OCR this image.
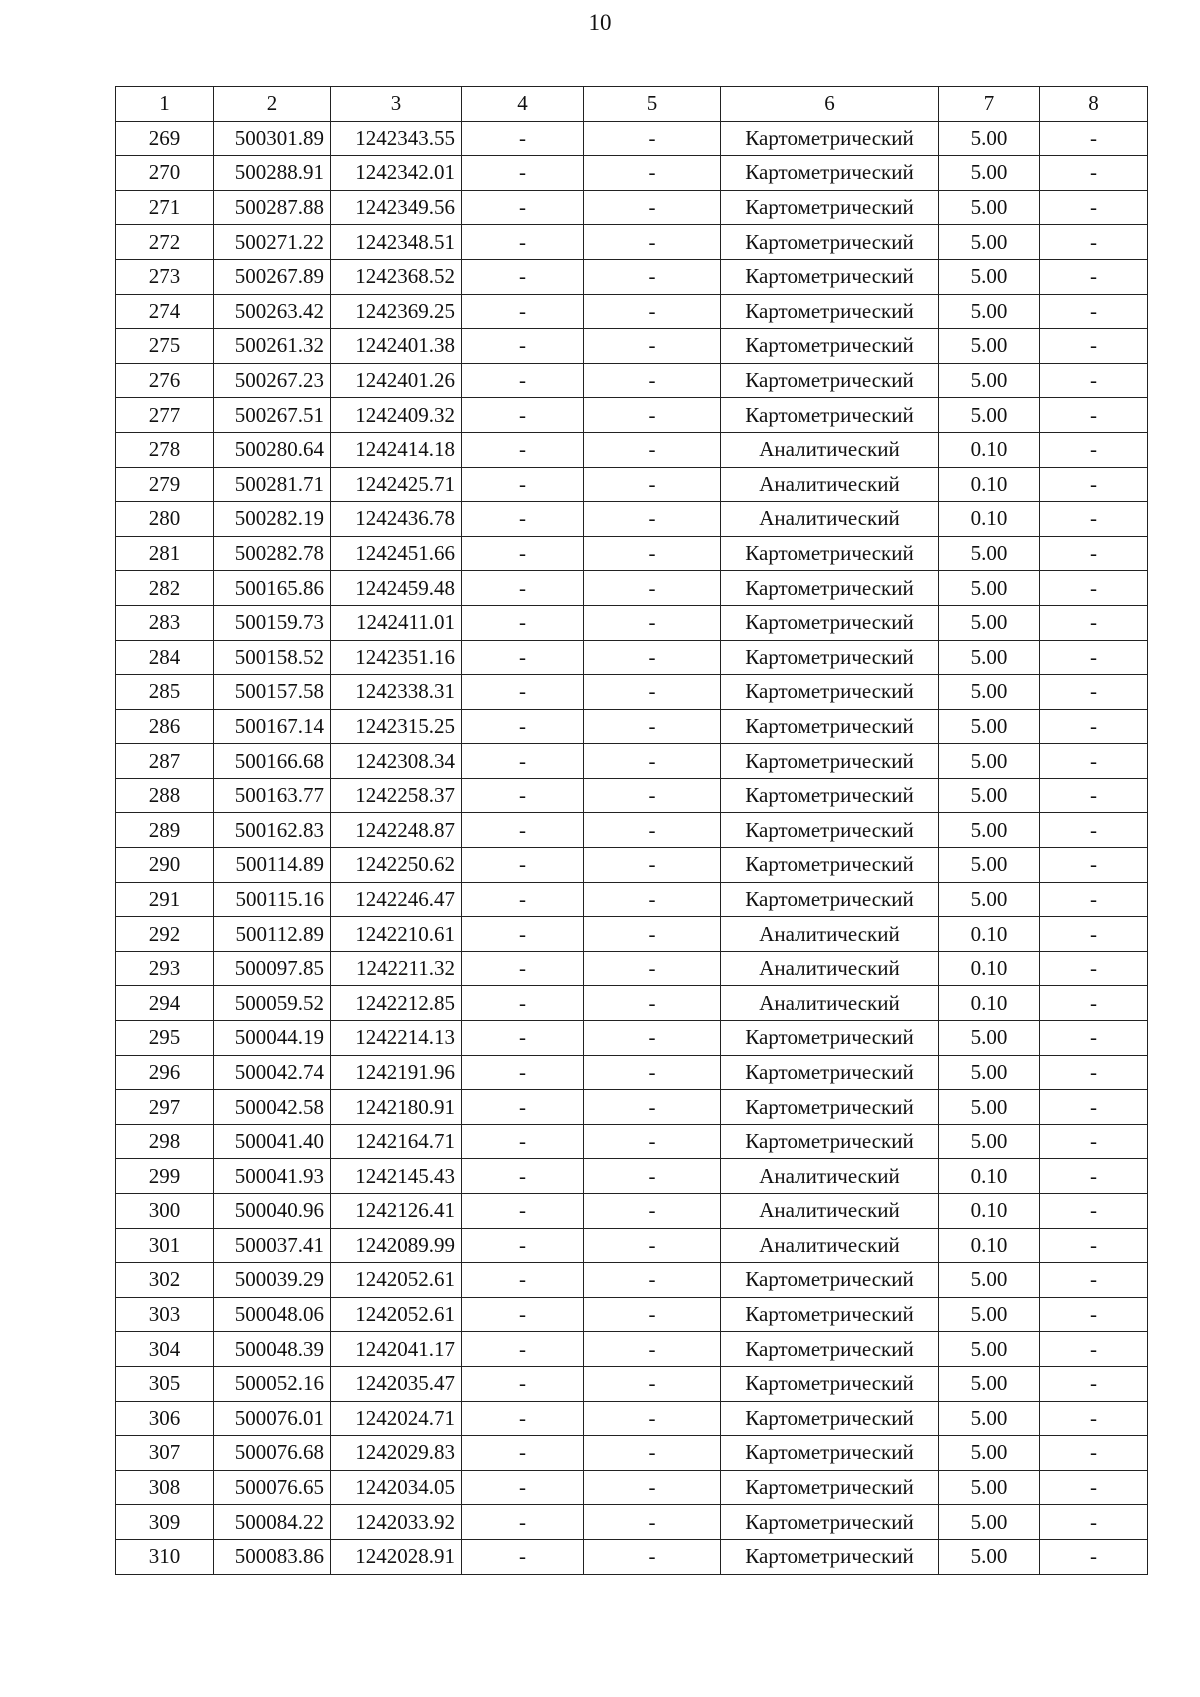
10
1	2	3	4	5	6	7	8
269	500301.89	1242343.55	-	-	Картометрический	5.00	-
270	500288.91	1242342.01	-	-	Картометрический	5.00	-
271	500287.88	1242349.56	-	-	Картометрический	5.00	-
272	500271.22	1242348.51	-	-	Картометрический	5.00	-
273	500267.89	1242368.52	-	-	Картометрический	5.00	-
274	500263.42	1242369.25	-	-	Картометрический	5.00	-
275	500261.32	1242401.38	-	-	Картометрический	5.00	-
276	500267.23	1242401.26	-	-	Картометрический	5.00	-
277	500267.51	1242409.32	-	-	Картометрический	5.00	-
278	500280.64	1242414.18	-	-	Аналитический	0.10	-
279	500281.71	1242425.71	-	-	Аналитический	0.10	-
280	500282.19	1242436.78	-	-	Аналитический	0.10	-
281	500282.78	1242451.66	-	-	Картометрический	5.00	-
282	500165.86	1242459.48	-	-	Картометрический	5.00	-
283	500159.73	1242411.01	-	-	Картометрический	5.00	-
284	500158.52	1242351.16	-	-	Картометрический	5.00	-
285	500157.58	1242338.31	-	-	Картометрический	5.00	-
286	500167.14	1242315.25	-	-	Картометрический	5.00	-
287	500166.68	1242308.34	-	-	Картометрический	5.00	-
288	500163.77	1242258.37	-	-	Картометрический	5.00	-
289	500162.83	1242248.87	-	-	Картометрический	5.00	-
290	500114.89	1242250.62	-	-	Картометрический	5.00	-
291	500115.16	1242246.47	-	-	Картометрический	5.00	-
292	500112.89	1242210.61	-	-	Аналитический	0.10	-
293	500097.85	1242211.32	-	-	Аналитический	0.10	-
294	500059.52	1242212.85	-	-	Аналитический	0.10	-
295	500044.19	1242214.13	-	-	Картометрический	5.00	-
296	500042.74	1242191.96	-	-	Картометрический	5.00	-
297	500042.58	1242180.91	-	-	Картометрический	5.00	-
298	500041.40	1242164.71	-	-	Картометрический	5.00	-
299	500041.93	1242145.43	-	-	Аналитический	0.10	-
300	500040.96	1242126.41	-	-	Аналитический	0.10	-
301	500037.41	1242089.99	-	-	Аналитический	0.10	-
302	500039.29	1242052.61	-	-	Картометрический	5.00	-
303	500048.06	1242052.61	-	-	Картометрический	5.00	-
304	500048.39	1242041.17	-	-	Картометрический	5.00	-
305	500052.16	1242035.47	-	-	Картометрический	5.00	-
306	500076.01	1242024.71	-	-	Картометрический	5.00	-
307	500076.68	1242029.83	-	-	Картометрический	5.00	-
308	500076.65	1242034.05	-	-	Картометрический	5.00	-
309	500084.22	1242033.92	-	-	Картометрический	5.00	-
310	500083.86	1242028.91	-	-	Картометрический	5.00	-
